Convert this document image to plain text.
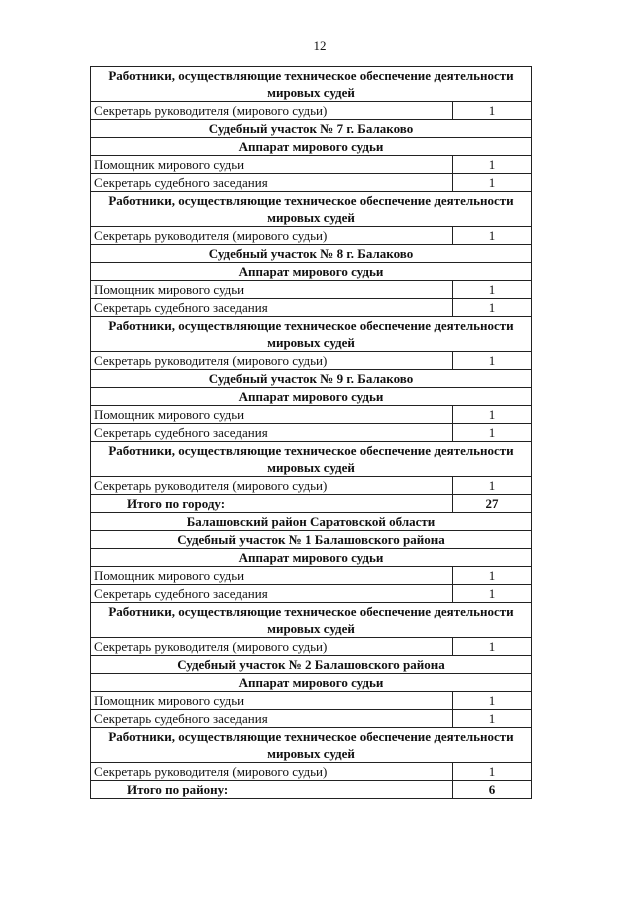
12
Работники, осуществляющие техническое обеспечение деятельности мировых судей	
Секретарь руководителя (мирового судьи)	1
Судебный участок № 7 г. Балаково	
Аппарат мирового судьи	
Помощник мирового судьи	1
Секретарь судебного заседания	1
Работники, осуществляющие техническое обеспечение деятельности мировых судей	
Секретарь руководителя (мирового судьи)	1
Судебный участок № 8 г. Балаково	
Аппарат мирового судьи	
Помощник мирового судьи	1
Секретарь судебного заседания	1
Работники, осуществляющие техническое обеспечение деятельности мировых судей	
Секретарь руководителя (мирового судьи)	1
Судебный участок № 9 г. Балаково	
Аппарат мирового судьи	
Помощник мирового судьи	1
Секретарь судебного заседания	1
Работники, осуществляющие техническое обеспечение деятельности мировых судей	
Секретарь руководителя (мирового судьи)	1
Итого по городу:	27
Балашовский район Саратовской области	
Судебный участок № 1 Балашовского района	
Аппарат мирового судьи	
Помощник мирового судьи	1
Секретарь судебного заседания	1
Работники, осуществляющие техническое обеспечение деятельности мировых судей	
Секретарь руководителя (мирового судьи)	1
Судебный участок № 2 Балашовского района	
Аппарат мирового судьи	
Помощник мирового судьи	1
Секретарь судебного заседания	1
Работники, осуществляющие техническое обеспечение деятельности мировых судей	
Секретарь руководителя (мирового судьи)	1
Итого по району:	6
